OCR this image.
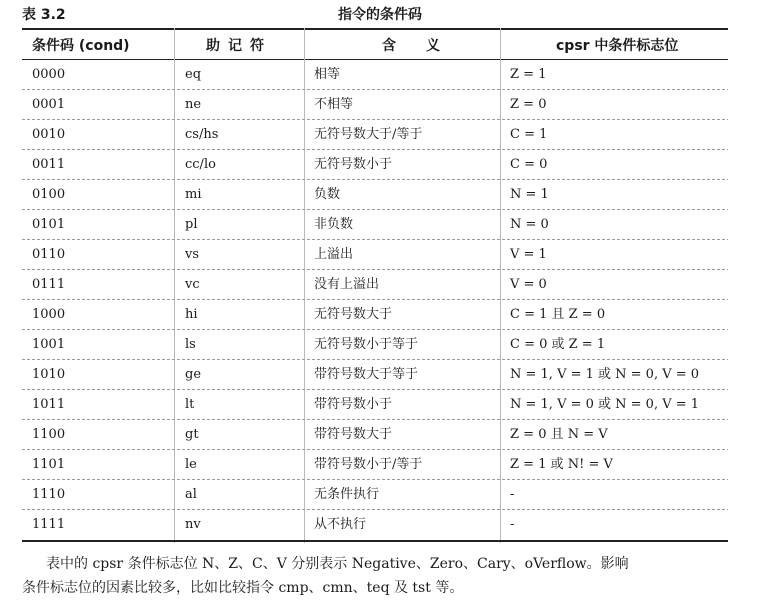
表 3.2	指令的条件码
条件码 (cond)	助记符	含义	cpsr 中条件标志位
0000	eq	相等	Z = 1
0001	ne	不相等	Z = 0
0010	cs/hs	无符号数大于/等于	C = 1
0011	cc/lo	无符号数小于	C = 0
0100	mi	负数	N = 1
0101	pl	非负数	N = 0
0110	vs	上溢出	V = 1
0111	vc	没有上溢出	V = 0
1000	hi	无符号数大于	C = 1 且 Z = 0
1001	ls	无符号数小于等于	C = 0 或 Z = 1
1010	ge	带符号数大于等于	N = 1, V = 1 或 N = 0, V = 0
1011	lt	带符号数小于	N = 1, V = 0 或 N = 0, V = 1
1100	gt	带符号数大于	Z = 0 且 N = V
1101	le	带符号数小于/等于	Z = 1 或 N! = V
1110	al	无条件执行	-
1111	nv	从不执行	-
表中的 cpsr 条件标志位 N、Z、C、V 分别表示 Negative、Zero、Cary、oVerflow。影响
条件标志位的因素比较多，比如比较指令 cmp、cmn、teq 及 tst 等。
